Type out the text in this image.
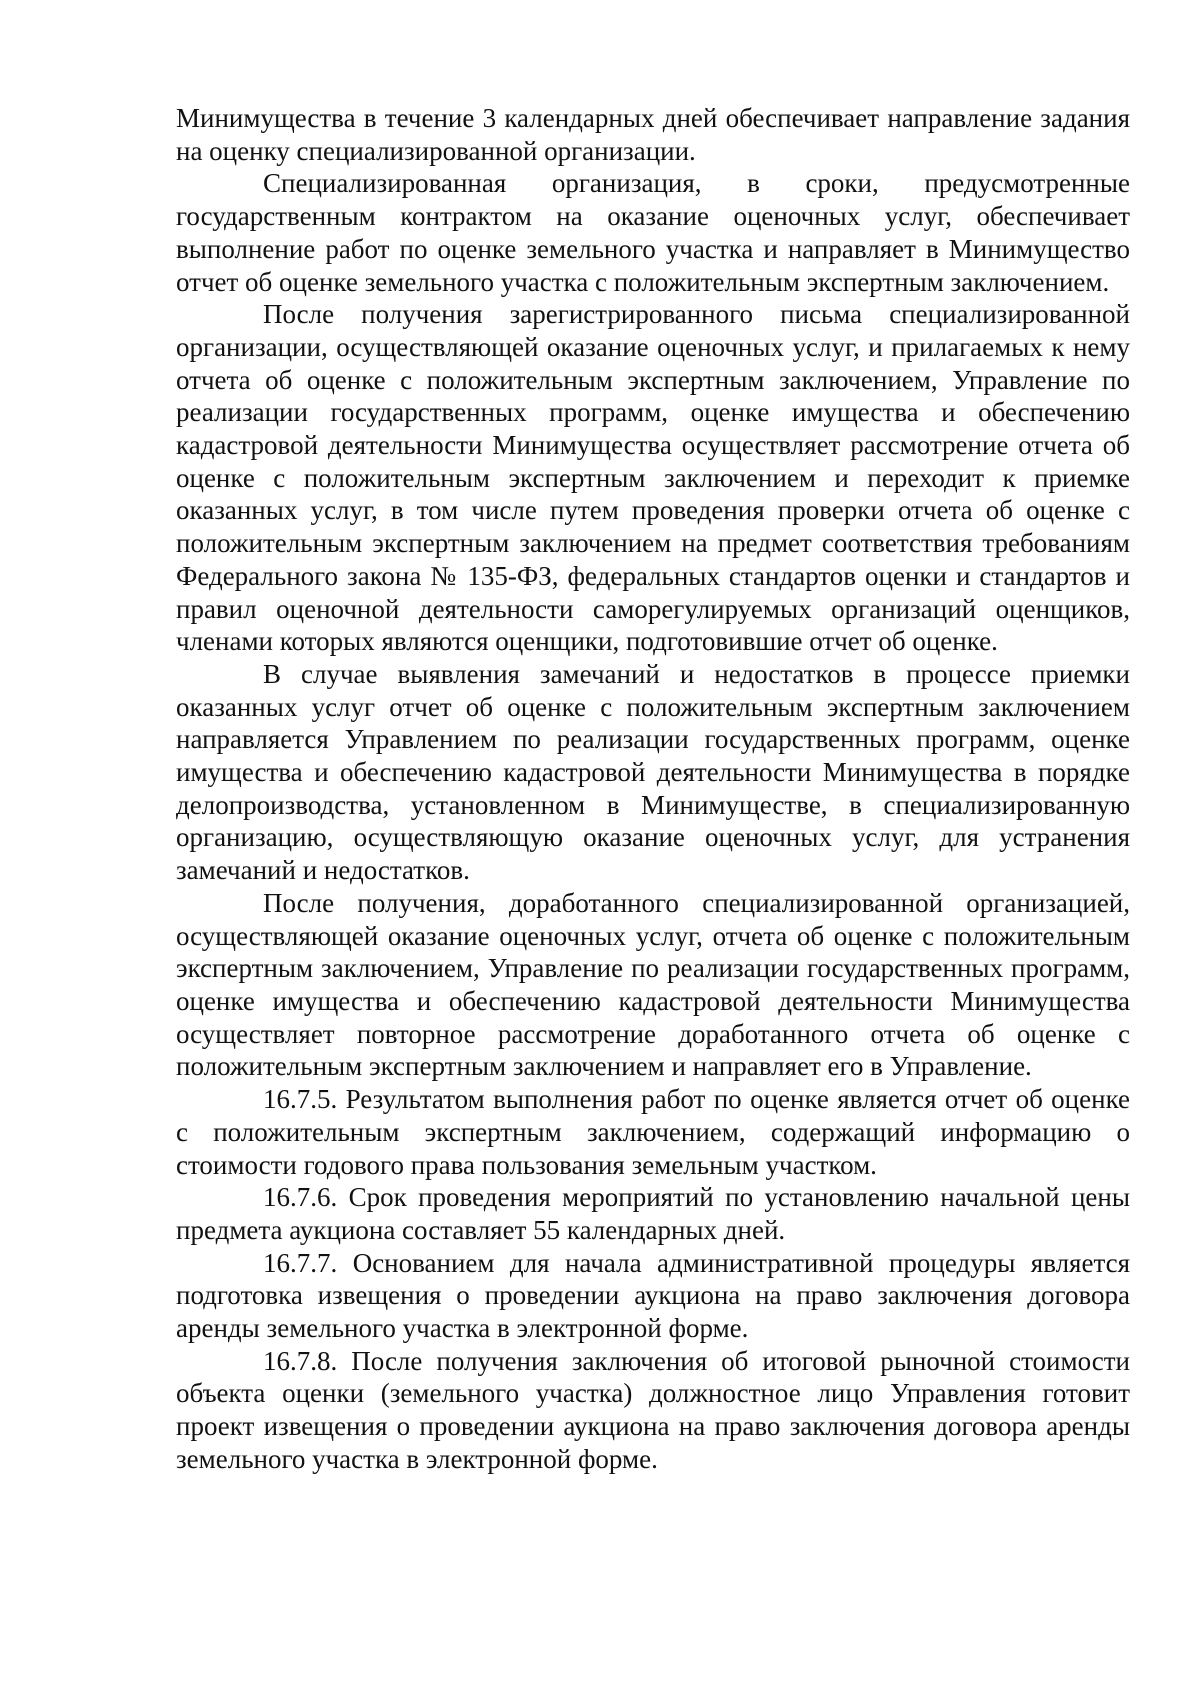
Минимущества в течение 3 календарных дней обеспечивает направление задания на оценку специализированной организации.

Специализированная организация, в сроки, предусмотренные государственным контрактом на оказание оценочных услуг, обеспечивает выполнение работ по оценке земельного участка и направляет в Минимущество отчет об оценке земельного участка с положительным экспертным заключением.

После получения зарегистрированного письма специализированной организации, осуществляющей оказание оценочных услуг, и прилагаемых к нему отчета об оценке с положительным экспертным заключением, Управление по реализации государственных программ, оценке имущества и обеспечению кадастровой деятельности Минимущества осуществляет рассмотрение отчета об оценке с положительным экспертным заключением и переходит к приемке оказанных услуг, в том числе путем проведения проверки отчета об оценке с положительным экспертным заключением на предмет соответствия требованиям Федерального закона № 135-ФЗ, федеральных стандартов оценки и стандартов и правил оценочной деятельности саморегулируемых организаций оценщиков, членами которых являются оценщики, подготовившие отчет об оценке.

В случае выявления замечаний и недостатков в процессе приемки оказанных услуг отчет об оценке с положительным экспертным заключением направляется Управлением по реализации государственных программ, оценке имущества и обеспечению кадастровой деятельности Минимущества в порядке делопроизводства, установленном в Минимуществе, в специализированную организацию, осуществляющую оказание оценочных услуг, для устранения замечаний и недостатков.

После получения, доработанного специализированной организацией, осуществляющей оказание оценочных услуг, отчета об оценке с положительным экспертным заключением, Управление по реализации государственных программ, оценке имущества и обеспечению кадастровой деятельности Минимущества осуществляет повторное рассмотрение доработанного отчета об оценке с положительным экспертным заключением и направляет его в Управление.

16.7.5. Результатом выполнения работ по оценке является отчет об оценке с положительным экспертным заключением, содержащий информацию о стоимости годового права пользования земельным участком.

16.7.6. Срок проведения мероприятий по установлению начальной цены предмета аукциона составляет 55 календарных дней.

16.7.7. Основанием для начала административной процедуры является подготовка извещения о проведении аукциона на право заключения договора аренды земельного участка в электронной форме.

16.7.8. После получения заключения об итоговой рыночной стоимости объекта оценки (земельного участка) должностное лицо Управления готовит проект извещения о проведении аукциона на право заключения договора аренды земельного участка в электронной форме.
